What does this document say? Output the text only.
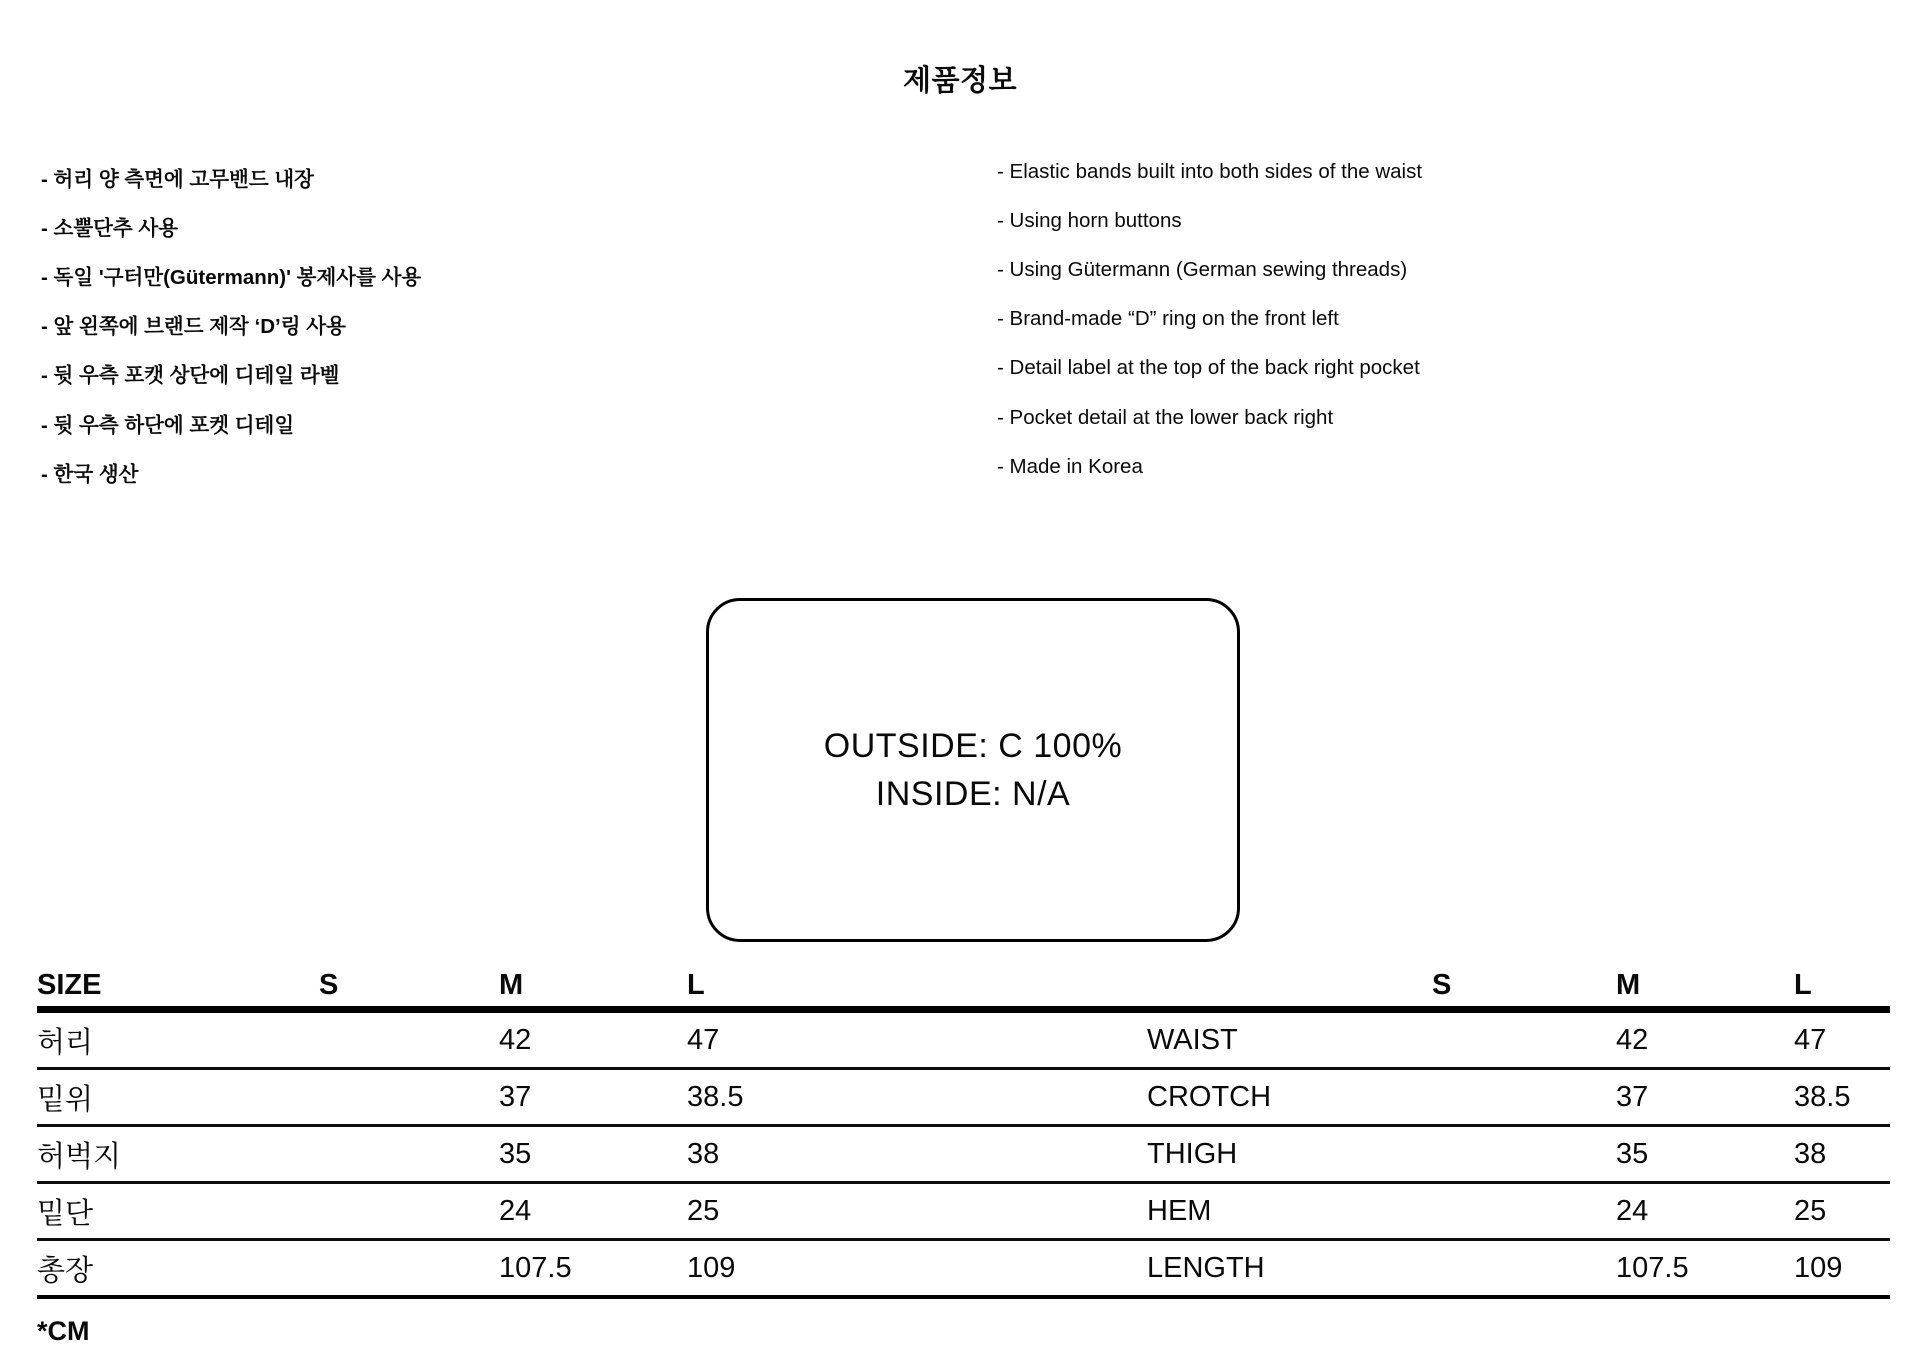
제품정보
- 허리 양 측면에 고무밴드 내장
- 소뿔단추 사용
- 독일 '구터만(Gütermann)' 봉제사를 사용
- 앞 왼쪽에 브랜드 제작 ‘D’링 사용
- 뒷 우측 포캣 상단에 디테일 라벨
- 뒷 우측 하단에 포켓 디테일
- 한국 생산
- Elastic bands built into both sides of the waist
- Using horn buttons
- Using Gütermann (German sewing threads)
- Brand-made “D” ring on the front left
- Detail label at the top of the back right pocket
- Pocket detail at the lower back right
- Made in Korea
OUTSIDE: C 100%
INSIDE: N/A
SIZE	S	M	L		S	M	L
허리		42	47	WAIST		42	47
밑위		37	38.5	CROTCH		37	38.5
허벅지		35	38	THIGH		35	38
밑단		24	25	HEM		24	25
총장		107.5	109	LENGTH		107.5	109
*CM
